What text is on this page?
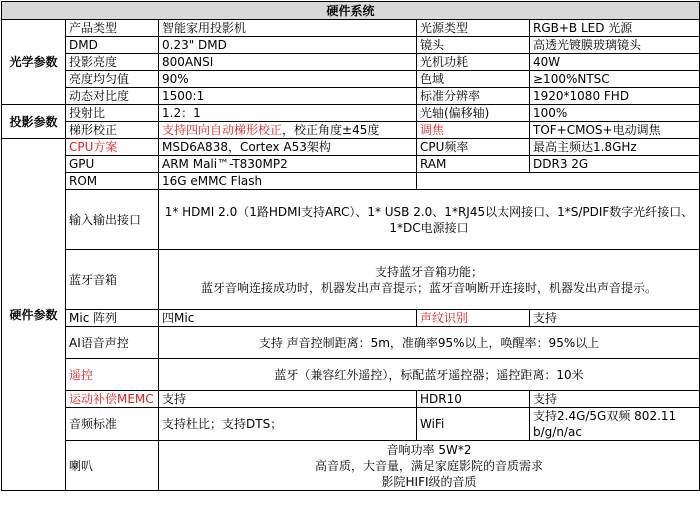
硬件系统				
光学参数	产品类型	智能家用投影机	光源类型	RGB+B LED 光源
	DMD	0.23" DMD	镜头	高透光镀膜玻璃镜头
	投影亮度	800ANSI	光机功耗	40W
	亮度均匀值	90%	色域	≥100%NTSC
	动态对比度	1500:1	标准分辨率	1920*1080 FHD
投影参数	投射比	1.2：1	光轴(偏移轴)	100%
	梯形校正	支持四向自动梯形校正，校正角度±45度	调焦	TOF+CMOS+电动调焦
硬件参数	CPU方案	MSD6A838，Cortex A53架构	CPU频率	最高主频达1.8GHz
	GPU	ARM Mali™-T830MP2	RAM	DDR3 2G
	ROM	16G eMMC Flash		
	输入输出接口	1* HDMI 2.0（1路HDMI支持ARC）、1* USB 2.0、1*RJ45以太网接口、1*S/PDIF数字光纤接口、1*DC电源接口		
	蓝牙音箱	支持蓝牙音箱功能；
蓝牙音响连接成功时，机器发出声音提示；蓝牙音响断开连接时，机器发出声音提示。		

	Mic 阵列	四Mic	声纹识别	支持
	AI语音声控	支持 声音控制距离：5m，准确率95%以上，唤醒率：95%以上		
	遥控	蓝牙（兼容红外遥控），标配蓝牙遥控器；遥控距离：10米		
	运动补偿MEMC	支持	HDR10	支持
	音频标准	支持杜比；支持DTS；	WiFi	支持2.4G/5G双频 802.11 b/g/n/ac
	喇叭	音响功率 5W*2
高音质，大音量，满足家庭影院的音质需求
影院HIFI级的音质		
